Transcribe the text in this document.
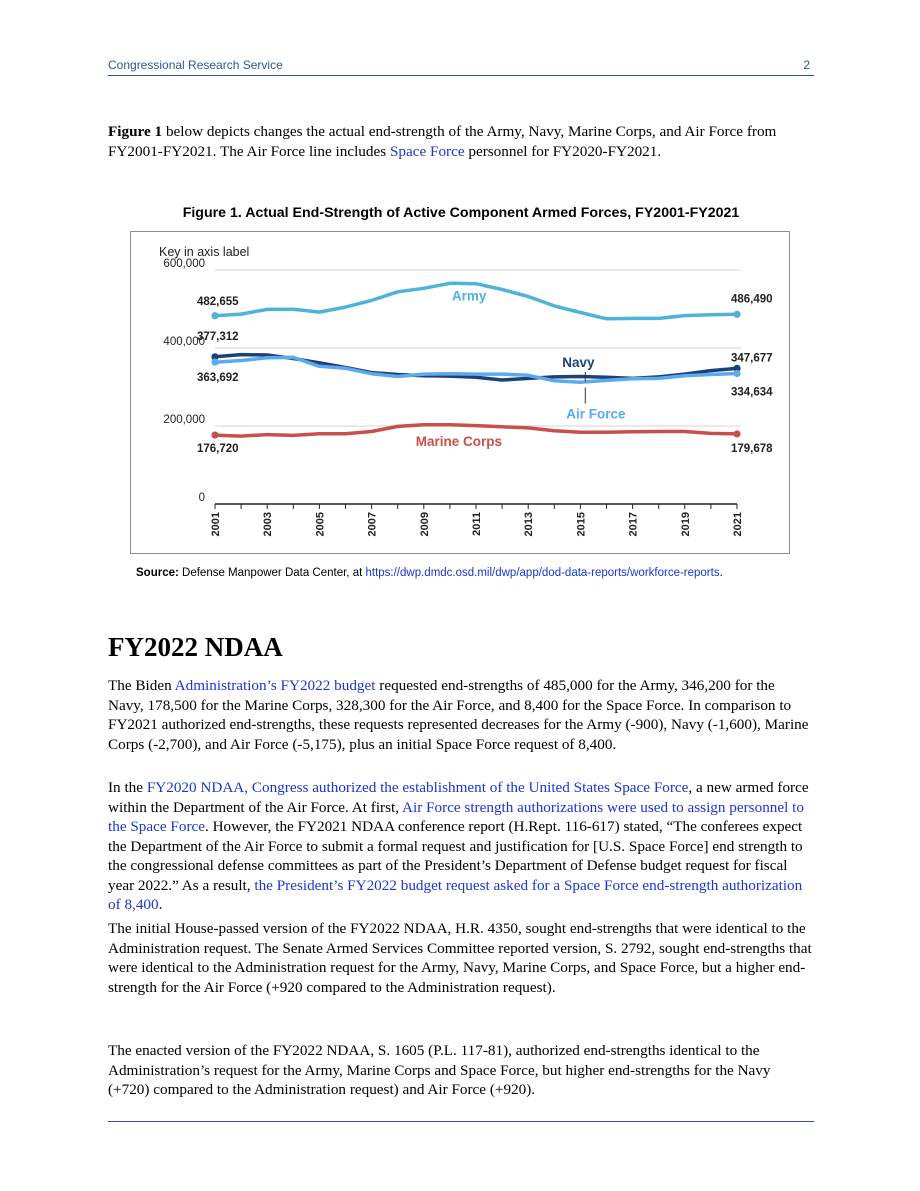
Congressional Research Service	2

Figure 1 below depicts changes the actual end-strength of the Army, Navy, Marine Corps, and Air Force from FY2001-FY2021. The Air Force line includes Space Force personnel for FY2020-FY2021.

Figure 1. Actual End-Strength of Active Component Armed Forces, FY2001-FY2021
Key in axis label
0
200,000
400,000
600,000
2001	2003	2005	2007	2009	2011	2013	2015	2017	2019	2021
482,655	486,490
377,312
347,677
363,692
334,634
176,720	179,678
Army
Navy
Air Force
Marine Corps
Source: Defense Manpower Data Center, at https://dwp.dmdc.osd.mil/dwp/app/dod-data-reports/workforce-reports.
FY2022 NDAA

The Biden Administration’s FY2022 budget requested end-strengths of 485,000 for the Army, 346,200 for the Navy, 178,500 for the Marine Corps, 328,300 for the Air Force, and 8,400 for the Space Force. In comparison to FY2021 authorized end-strengths, these requests represented decreases for the Army (-900), Navy (-1,600), Marine Corps (-2,700), and Air Force (-5,175), plus an initial Space Force request of 8,400.

In the FY2020 NDAA, Congress authorized the establishment of the United States Space Force, a new armed force within the Department of the Air Force. At first, Air Force strength authorizations were used to assign personnel to the Space Force. However, the FY2021 NDAA conference report (H.Rept. 116-617) stated, “The conferees expect the Department of the Air Force to submit a formal request and justification for [U.S. Space Force] end strength to the congressional defense committees as part of the President’s Department of Defense budget request for fiscal year 2022.” As a result, the President’s FY2022 budget request asked for a Space Force end-strength authorization of 8,400.

The initial House-passed version of the FY2022 NDAA, H.R. 4350, sought end-strengths that were identical to the Administration request. The Senate Armed Services Committee reported version, S. 2792, sought end-strengths that were identical to the Administration request for the Army, Navy, Marine Corps, and Space Force, but a higher end-strength for the Air Force (+920 compared to the Administration request).

The enacted version of the FY2022 NDAA, S. 1605 (P.L. 117-81), authorized end-strengths identical to the Administration’s request for the Army, Marine Corps and Space Force, but higher end-strengths for the Navy (+720) compared to the Administration request) and Air Force (+920).
